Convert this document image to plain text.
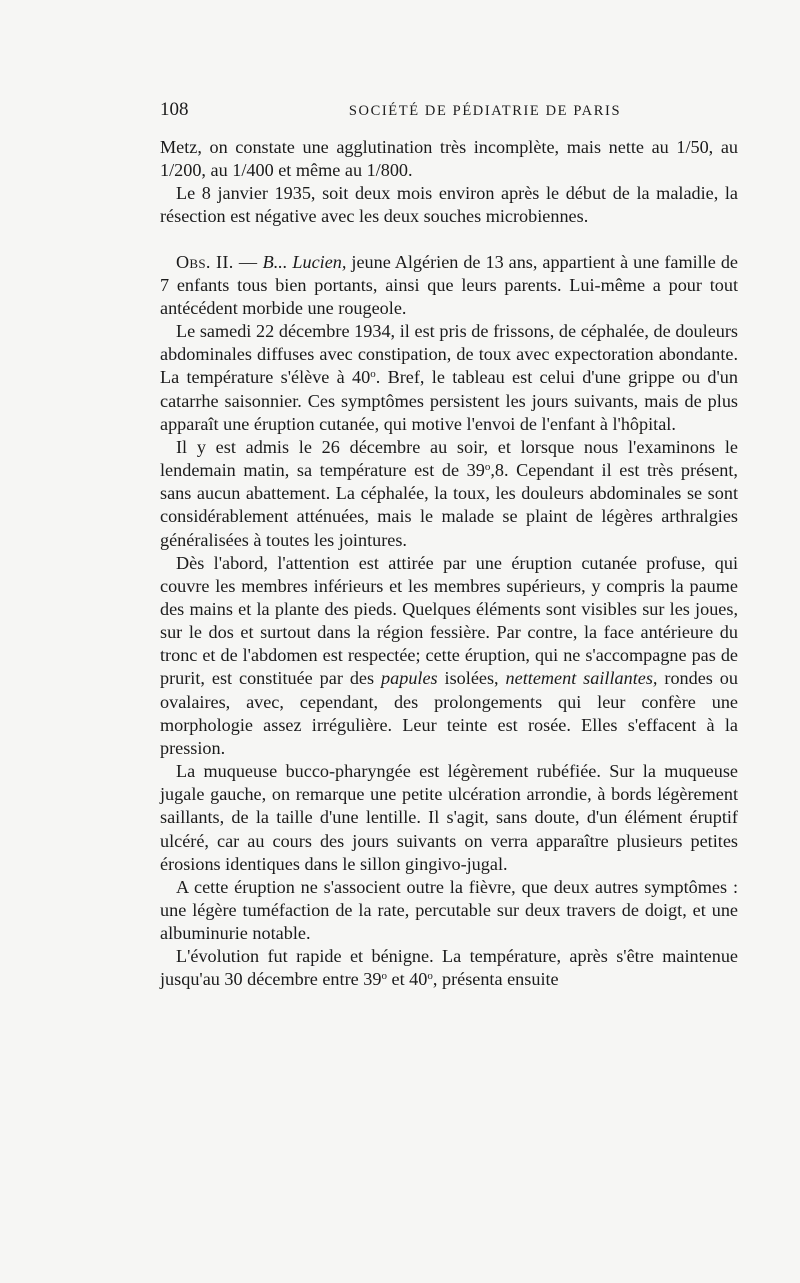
108	SOCIÉTÉ DE PÉDIATRIE DE PARIS

Metz, on constate une agglutination très incomplète, mais nette au 1/50, au 1/200, au 1/400 et même au 1/800.

Le 8 janvier 1935, soit deux mois environ après le début de la maladie, la résection est négative avec les deux souches microbiennes.

Obs. II. — B... Lucien, jeune Algérien de 13 ans, appartient à une famille de 7 enfants tous bien portants, ainsi que leurs parents. Lui-même a pour tout antécédent morbide une rougeole.

Le samedi 22 décembre 1934, il est pris de frissons, de céphalée, de douleurs abdominales diffuses avec constipation, de toux avec expectoration abondante. La température s'élève à 40$^o$. Bref, le tableau est celui d'une grippe ou d'un catarrhe saisonnier. Ces symptômes persistent les jours suivants, mais de plus apparaît une éruption cutanée, qui motive l'envoi de l'enfant à l'hôpital.

Il y est admis le 26 décembre au soir, et lorsque nous l'examinons le lendemain matin, sa température est de 39$^o$,8. Cependant il est très présent, sans aucun abattement. La céphalée, la toux, les douleurs abdominales se sont considérablement atténuées, mais le malade se plaint de légères arthralgies généralisées à toutes les jointures.

Dès l'abord, l'attention est attirée par une éruption cutanée profuse, qui couvre les membres inférieurs et les membres supérieurs, y compris la paume des mains et la plante des pieds. Quelques éléments sont visibles sur les joues, sur le dos et surtout dans la région fessière. Par contre, la face antérieure du tronc et de l'abdomen est respectée; cette éruption, qui ne s'accompagne pas de prurit, est constituée par des papules isolées, nettement saillantes, rondes ou ovalaires, avec, cependant, des prolongements qui leur confère une morphologie assez irrégulière. Leur teinte est rosée. Elles s'effacent à la pression.

La muqueuse bucco-pharyngée est légèrement rubéfiée. Sur la muqueuse jugale gauche, on remarque une petite ulcération arrondie, à bords légèrement saillants, de la taille d'une lentille. Il s'agit, sans doute, d'un élément éruptif ulcéré, car au cours des jours suivants on verra apparaître plusieurs petites érosions identiques dans le sillon gingivo-jugal.

A cette éruption ne s'associent outre la fièvre, que deux autres symptômes : une légère tuméfaction de la rate, percutable sur deux travers de doigt, et une albuminurie notable.

L'évolution fut rapide et bénigne. La température, après s'être maintenue jusqu'au 30 décembre entre 39$^o$ et 40$^o$, présenta ensuite
